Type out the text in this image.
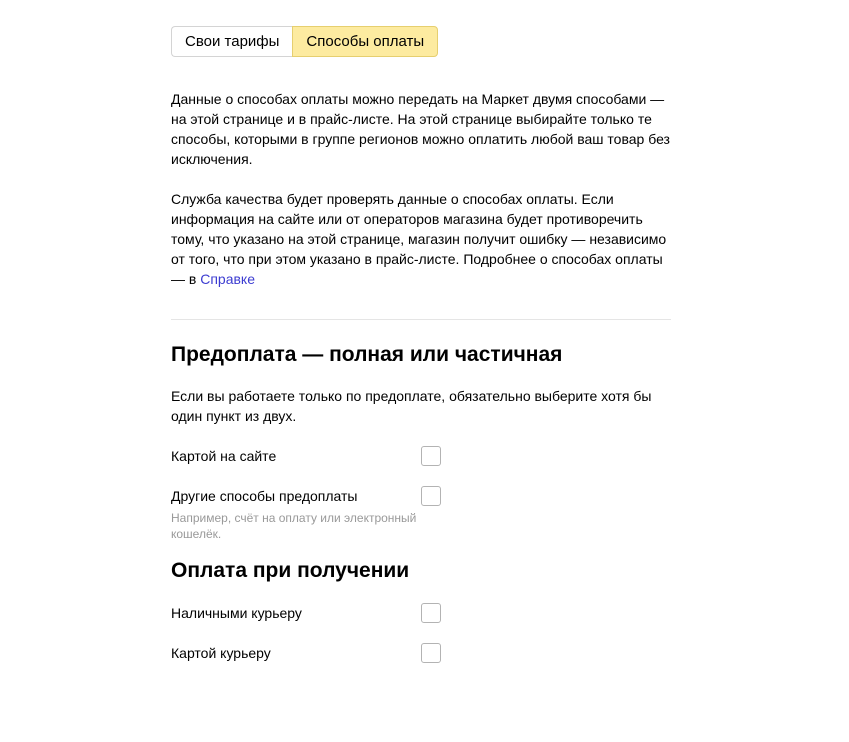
Свои тарифы	Способы оплаты

Данные о способах оплаты можно передать на Маркет двумя способами — на этой странице и в прайс-листе. На этой странице выбирайте только те способы, которыми в группе регионов можно оплатить любой ваш товар без исключения.

Служба качества будет проверять данные о способах оплаты. Если информация на сайте или от операторов магазина будет противоречить тому, что указано на этой странице, магазин получит ошибку — независимо от того, что при этом указано в прайс-листе. Подробнее о способах оплаты — в Справке

Предоплата — полная или частичная
Если вы работаете только по предоплате, обязательно выберите хотя бы один пункт из двух.
Картой на сайте
Другие способы предоплаты
Например, счёт на оплату или электронный кошелёк.
Оплата при получении
Наличными курьеру
Картой курьеру
